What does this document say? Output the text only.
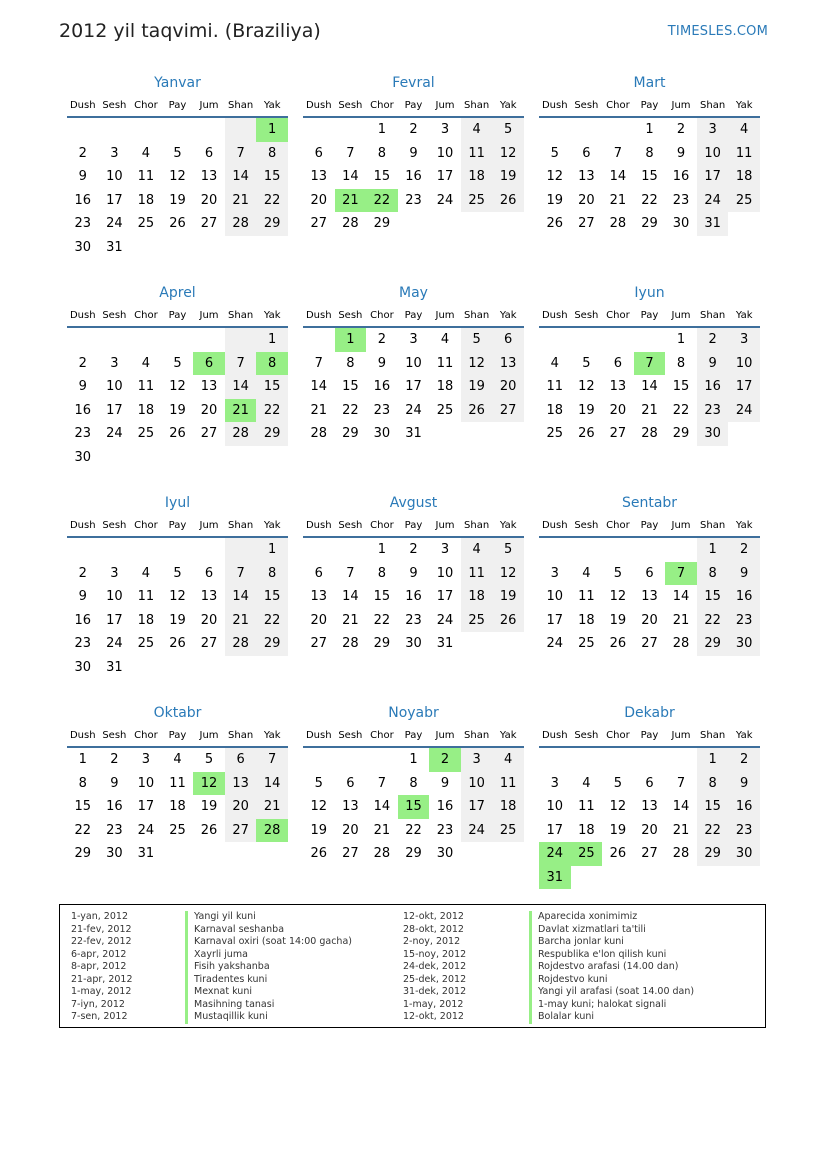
2012 yil taqvimi. (Braziliya)	TIMESLES.COM
Yanvar
Dush	Sesh	Chor	Pay	Jum	Shan	Yak
						1
2	3	4	5	6	7	8
9	10	11	12	13	14	15
16	17	18	19	20	21	22
23	24	25	26	27	28	29
30	31					
Fevral
Dush	Sesh	Chor	Pay	Jum	Shan	Yak
		1	2	3	4	5
6	7	8	9	10	11	12
13	14	15	16	17	18	19
20	21	22	23	24	25	26
27	28	29				
Mart
Dush	Sesh	Chor	Pay	Jum	Shan	Yak
			1	2	3	4
5	6	7	8	9	10	11
12	13	14	15	16	17	18
19	20	21	22	23	24	25
26	27	28	29	30	31	
Aprel
Dush	Sesh	Chor	Pay	Jum	Shan	Yak
						1
2	3	4	5	6	7	8
9	10	11	12	13	14	15
16	17	18	19	20	21	22
23	24	25	26	27	28	29
30						
May
Dush	Sesh	Chor	Pay	Jum	Shan	Yak
	1	2	3	4	5	6
7	8	9	10	11	12	13
14	15	16	17	18	19	20
21	22	23	24	25	26	27
28	29	30	31			
Iyun
Dush	Sesh	Chor	Pay	Jum	Shan	Yak
				1	2	3
4	5	6	7	8	9	10
11	12	13	14	15	16	17
18	19	20	21	22	23	24
25	26	27	28	29	30	
Iyul
Dush	Sesh	Chor	Pay	Jum	Shan	Yak
						1
2	3	4	5	6	7	8
9	10	11	12	13	14	15
16	17	18	19	20	21	22
23	24	25	26	27	28	29
30	31					
Avgust
Dush	Sesh	Chor	Pay	Jum	Shan	Yak
		1	2	3	4	5
6	7	8	9	10	11	12
13	14	15	16	17	18	19
20	21	22	23	24	25	26
27	28	29	30	31		
Sentabr
Dush	Sesh	Chor	Pay	Jum	Shan	Yak
					1	2
3	4	5	6	7	8	9
10	11	12	13	14	15	16
17	18	19	20	21	22	23
24	25	26	27	28	29	30
Oktabr
Dush	Sesh	Chor	Pay	Jum	Shan	Yak
1	2	3	4	5	6	7
8	9	10	11	12	13	14
15	16	17	18	19	20	21
22	23	24	25	26	27	28
29	30	31				
Noyabr
Dush	Sesh	Chor	Pay	Jum	Shan	Yak
			1	2	3	4
5	6	7	8	9	10	11
12	13	14	15	16	17	18
19	20	21	22	23	24	25
26	27	28	29	30		
Dekabr
Dush	Sesh	Chor	Pay	Jum	Shan	Yak
					1	2
3	4	5	6	7	8	9
10	11	12	13	14	15	16
17	18	19	20	21	22	23
24	25	26	27	28	29	30
31						
1-yan, 2012	Yangi yil kuni
21-fev, 2012	Karnaval seshanba
22-fev, 2012	Karnaval oxiri (soat 14:00 gacha)
6-apr, 2012	Xayrli juma
8-apr, 2012	Fisih yakshanba
21-apr, 2012	Tiradentes kuni
1-may, 2012	Mexnat kuni
7-iyn, 2012	Masihning tanasi
7-sen, 2012	Mustaqillik kuni
12-okt, 2012	Aparecida xonimimiz
28-okt, 2012	Davlat xizmatlari ta'tili
2-noy, 2012	Barcha jonlar kuni
15-noy, 2012	Respublika e'lon qilish kuni
24-dek, 2012	Rojdestvo arafasi (14.00 dan)
25-dek, 2012	Rojdestvo kuni
31-dek, 2012	Yangi yil arafasi (soat 14.00 dan)
1-may, 2012	1-may kuni; halokat signali
12-okt, 2012	Bolalar kuni
